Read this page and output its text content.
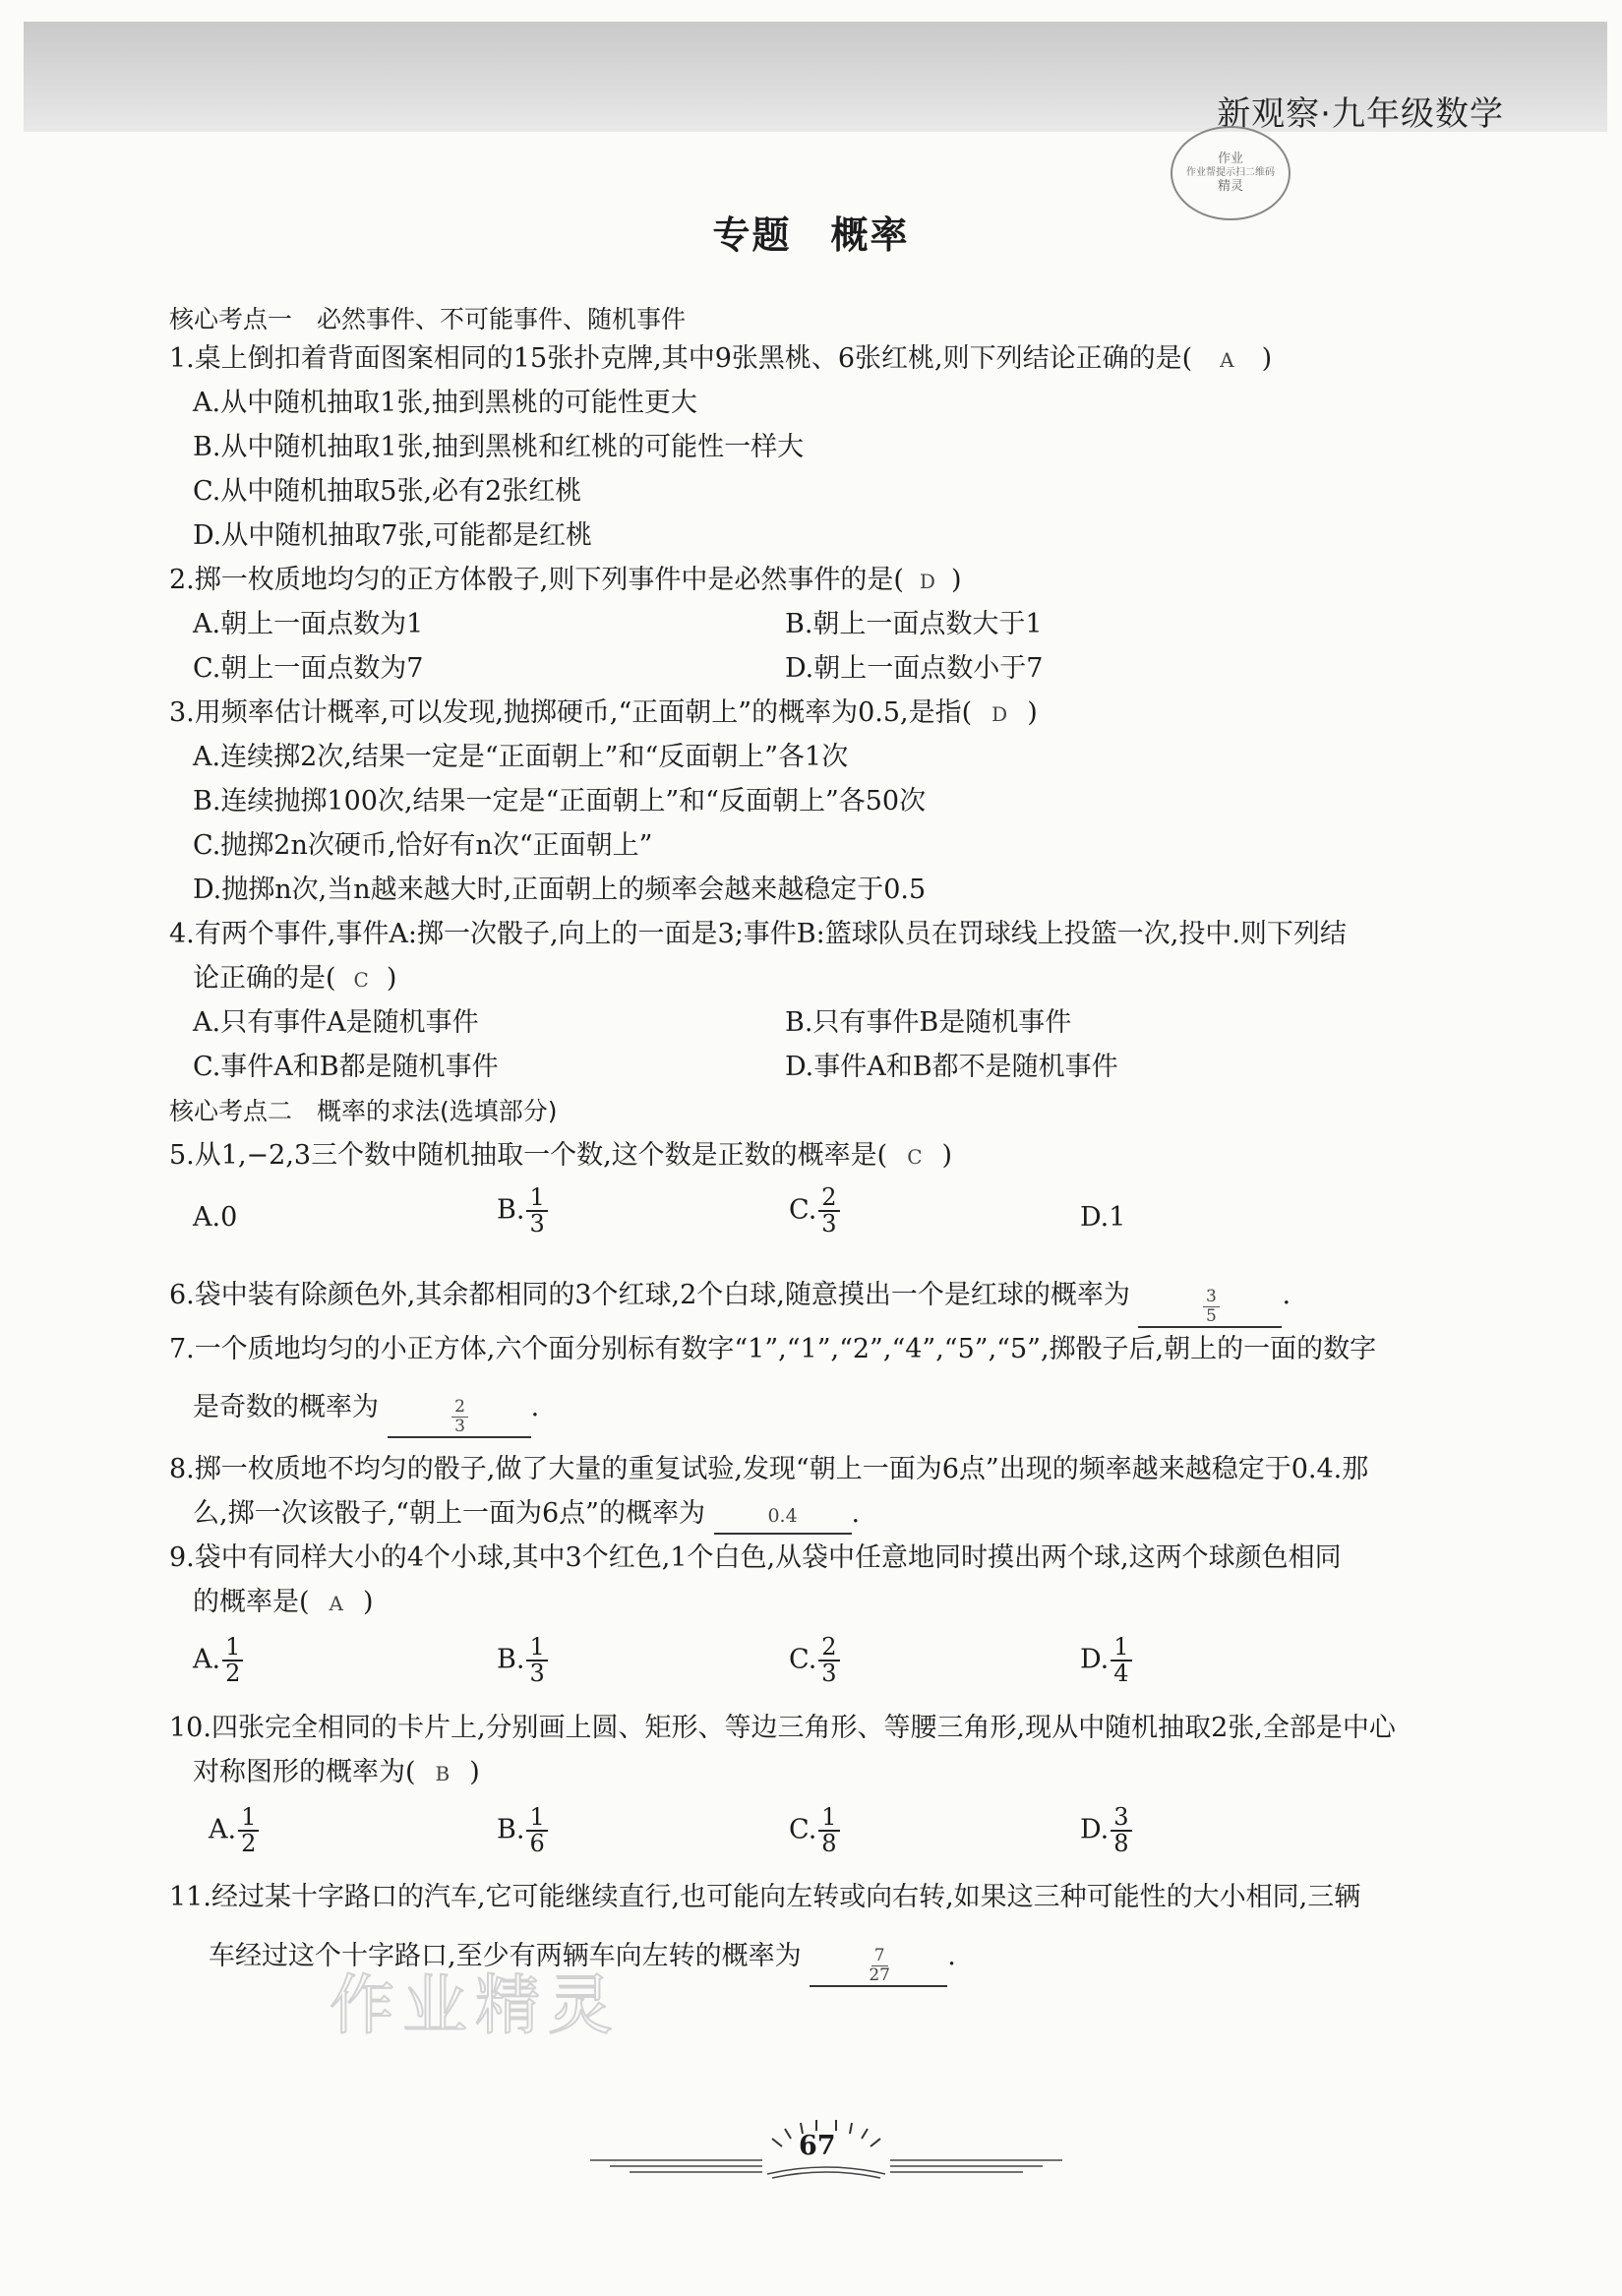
新观察·九年级数学
作业
作业帮提示扫二维码
精灵
专题 概率
核心考点一　必然事件、不可能事件、随机事件
1.桌上倒扣着背面图案相同的15张扑克牌,其中9张黑桃、6张红桃,则下列结论正确的是( A )
A.从中随机抽取1张,抽到黑桃的可能性更大
B.从中随机抽取1张,抽到黑桃和红桃的可能性一样大
C.从中随机抽取5张,必有2张红桃
D.从中随机抽取7张,可能都是红桃
2.掷一枚质地均匀的正方体骰子,则下列事件中是必然事件的是( D )
A.朝上一面点数为1	B.朝上一面点数大于1
C.朝上一面点数为7	D.朝上一面点数小于7
3.用频率估计概率,可以发现,抛掷硬币,“正面朝上”的概率为0.5,是指( D )
A.连续掷2次,结果一定是“正面朝上”和“反面朝上”各1次
B.连续抛掷100次,结果一定是“正面朝上”和“反面朝上”各50次
C.抛掷2n次硬币,恰好有n次“正面朝上”
D.抛掷n次,当n越来越大时,正面朝上的频率会越来越稳定于0.5
4.有两个事件,事件A:掷一次骰子,向上的一面是3;事件B:篮球队员在罚球线上投篮一次,投中.则下列结
论正确的是( C )
A.只有事件A是随机事件	B.只有事件B是随机事件
C.事件A和B都是随机事件	D.事件A和B都不是随机事件
核心考点二　概率的求法(选填部分)
5.从1,−2,3三个数中随机抽取一个数,这个数是正数的概率是( C )
A.0	B. $\frac{1}{3}$	C. $\frac{2}{3}$	D.1
6.袋中装有除颜色外,其余都相同的3个红球,2个白球,随意摸出一个是红球的概率为	$\frac{3}{5}$ .
7.一个质地均匀的小正方体,六个面分别标有数字“1”,“1”,“2”,“4”,“5”,“5”,掷骰子后,朝上的一面的数字
是奇数的概率为	$\frac{2}{3}$ .
8.掷一枚质地不均匀的骰子,做了大量的重复试验,发现“朝上一面为6点”出现的频率越来越稳定于0.4.那
么,掷一次该骰子,“朝上一面为6点”的概率为	0.4 .
9.袋中有同样大小的4个小球,其中3个红色,1个白色,从袋中任意地同时摸出两个球,这两个球颜色相同
的概率是( A )
A. $\frac{1}{2}$	B. $\frac{1}{3}$	C. $\frac{2}{3}$	D. $\frac{1}{4}$
10.四张完全相同的卡片上,分别画上圆、矩形、等边三角形、等腰三角形,现从中随机抽取2张,全部是中心
对称图形的概率为( B )
A. $\frac{1}{2}$	B. $\frac{1}{6}$	C. $\frac{1}{8}$	D. $\frac{3}{8}$
11.经过某十字路口的汽车,它可能继续直行,也可能向左转或向右转,如果这三种可能性的大小相同,三辆
车经过这个十字路口,至少有两辆车向左转的概率为	$\frac{7}{27}$ .
作业精灵
67
